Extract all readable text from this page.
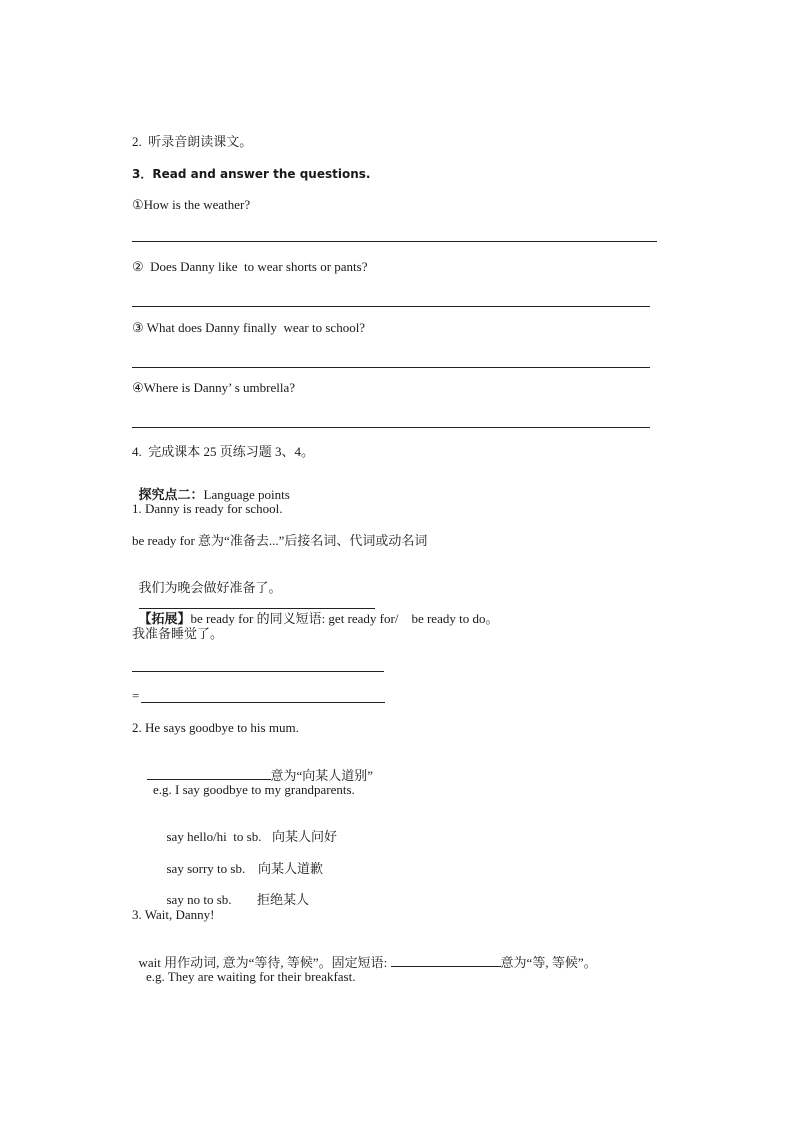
2.  听录音朗读课文。
3．Read and answer the questions.
①How is the weather?
②  Does Danny like  to wear shorts or pants?
③ What does Danny finally  wear to school?
④Where is Danny’ s umbrella?
4.  完成课本 25 页练习题 3、4。

探究点二：Language points

1. Danny is ready for school.
be ready for 意为“准备去...”后接名词、代词或动名词

我们为晚会做好准备了。

【拓展】be ready for 的同义短语: get ready for/    be ready to do。

我准备睡觉了。
=
2. He says goodbye to his mum.

意为“向某人道别”

e.g. I say goodbye to my grandparents.

say hello/hi  to sb. 向某人问好

say sorry to sb. 向某人道歉

say no to sb. 拒绝某人

3. Wait, Danny!

wait 用作动词, 意为“等待, 等候”。固定短语:	意为“等, 等候”。

e.g. They are waiting for their breakfast.
